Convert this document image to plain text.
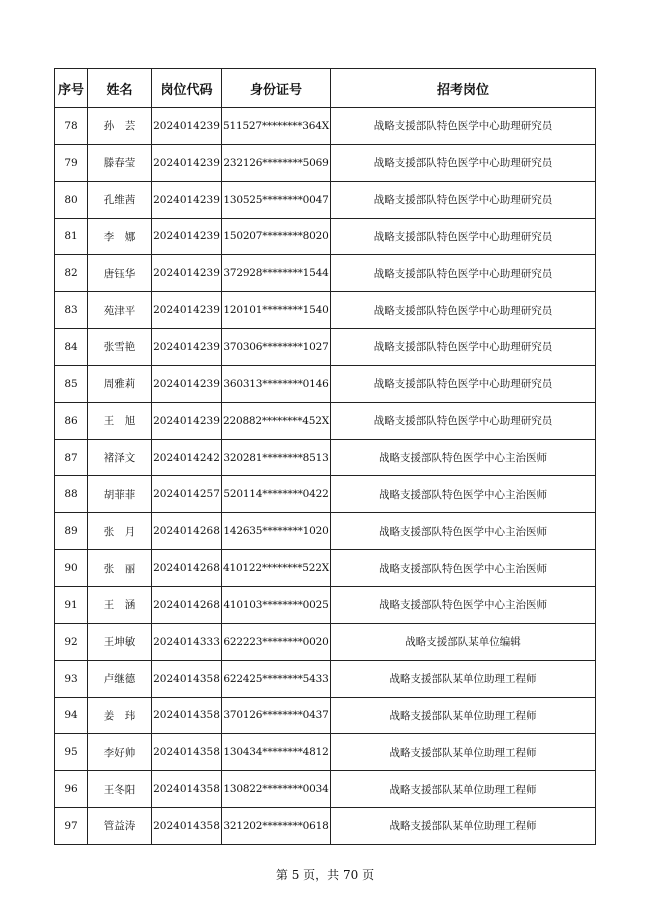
序号	姓名	岗位代码	身份证号	招考岗位
78	孙　芸	2024014239	511527********364X	战略支援部队特色医学中心助理研究员
79	滕春莹	2024014239	232126********5069	战略支援部队特色医学中心助理研究员
80	孔维茜	2024014239	130525********0047	战略支援部队特色医学中心助理研究员
81	李　娜	2024014239	150207********8020	战略支援部队特色医学中心助理研究员
82	唐钰华	2024014239	372928********1544	战略支援部队特色医学中心助理研究员
83	苑津平	2024014239	120101********1540	战略支援部队特色医学中心助理研究员
84	张雪艳	2024014239	370306********1027	战略支援部队特色医学中心助理研究员
85	周雅莉	2024014239	360313********0146	战略支援部队特色医学中心助理研究员
86	王　旭	2024014239	220882********452X	战略支援部队特色医学中心助理研究员
87	褚泽文	2024014242	320281********8513	战略支援部队特色医学中心主治医师
88	胡菲菲	2024014257	520114********0422	战略支援部队特色医学中心主治医师
89	张　月	2024014268	142635********1020	战略支援部队特色医学中心主治医师
90	张　丽	2024014268	410122********522X	战略支援部队特色医学中心主治医师
91	王　涵	2024014268	410103********0025	战略支援部队特色医学中心主治医师
92	王坤敏	2024014333	622223********0020	战略支援部队某单位编辑
93	卢继德	2024014358	622425********5433	战略支援部队某单位助理工程师
94	姜　玮	2024014358	370126********0437	战略支援部队某单位助理工程师
95	李好帅	2024014358	130434********4812	战略支援部队某单位助理工程师
96	王冬阳	2024014358	130822********0034	战略支援部队某单位助理工程师
97	管益涛	2024014358	321202********0618	战略支援部队某单位助理工程师
第 5 页，共 70 页
